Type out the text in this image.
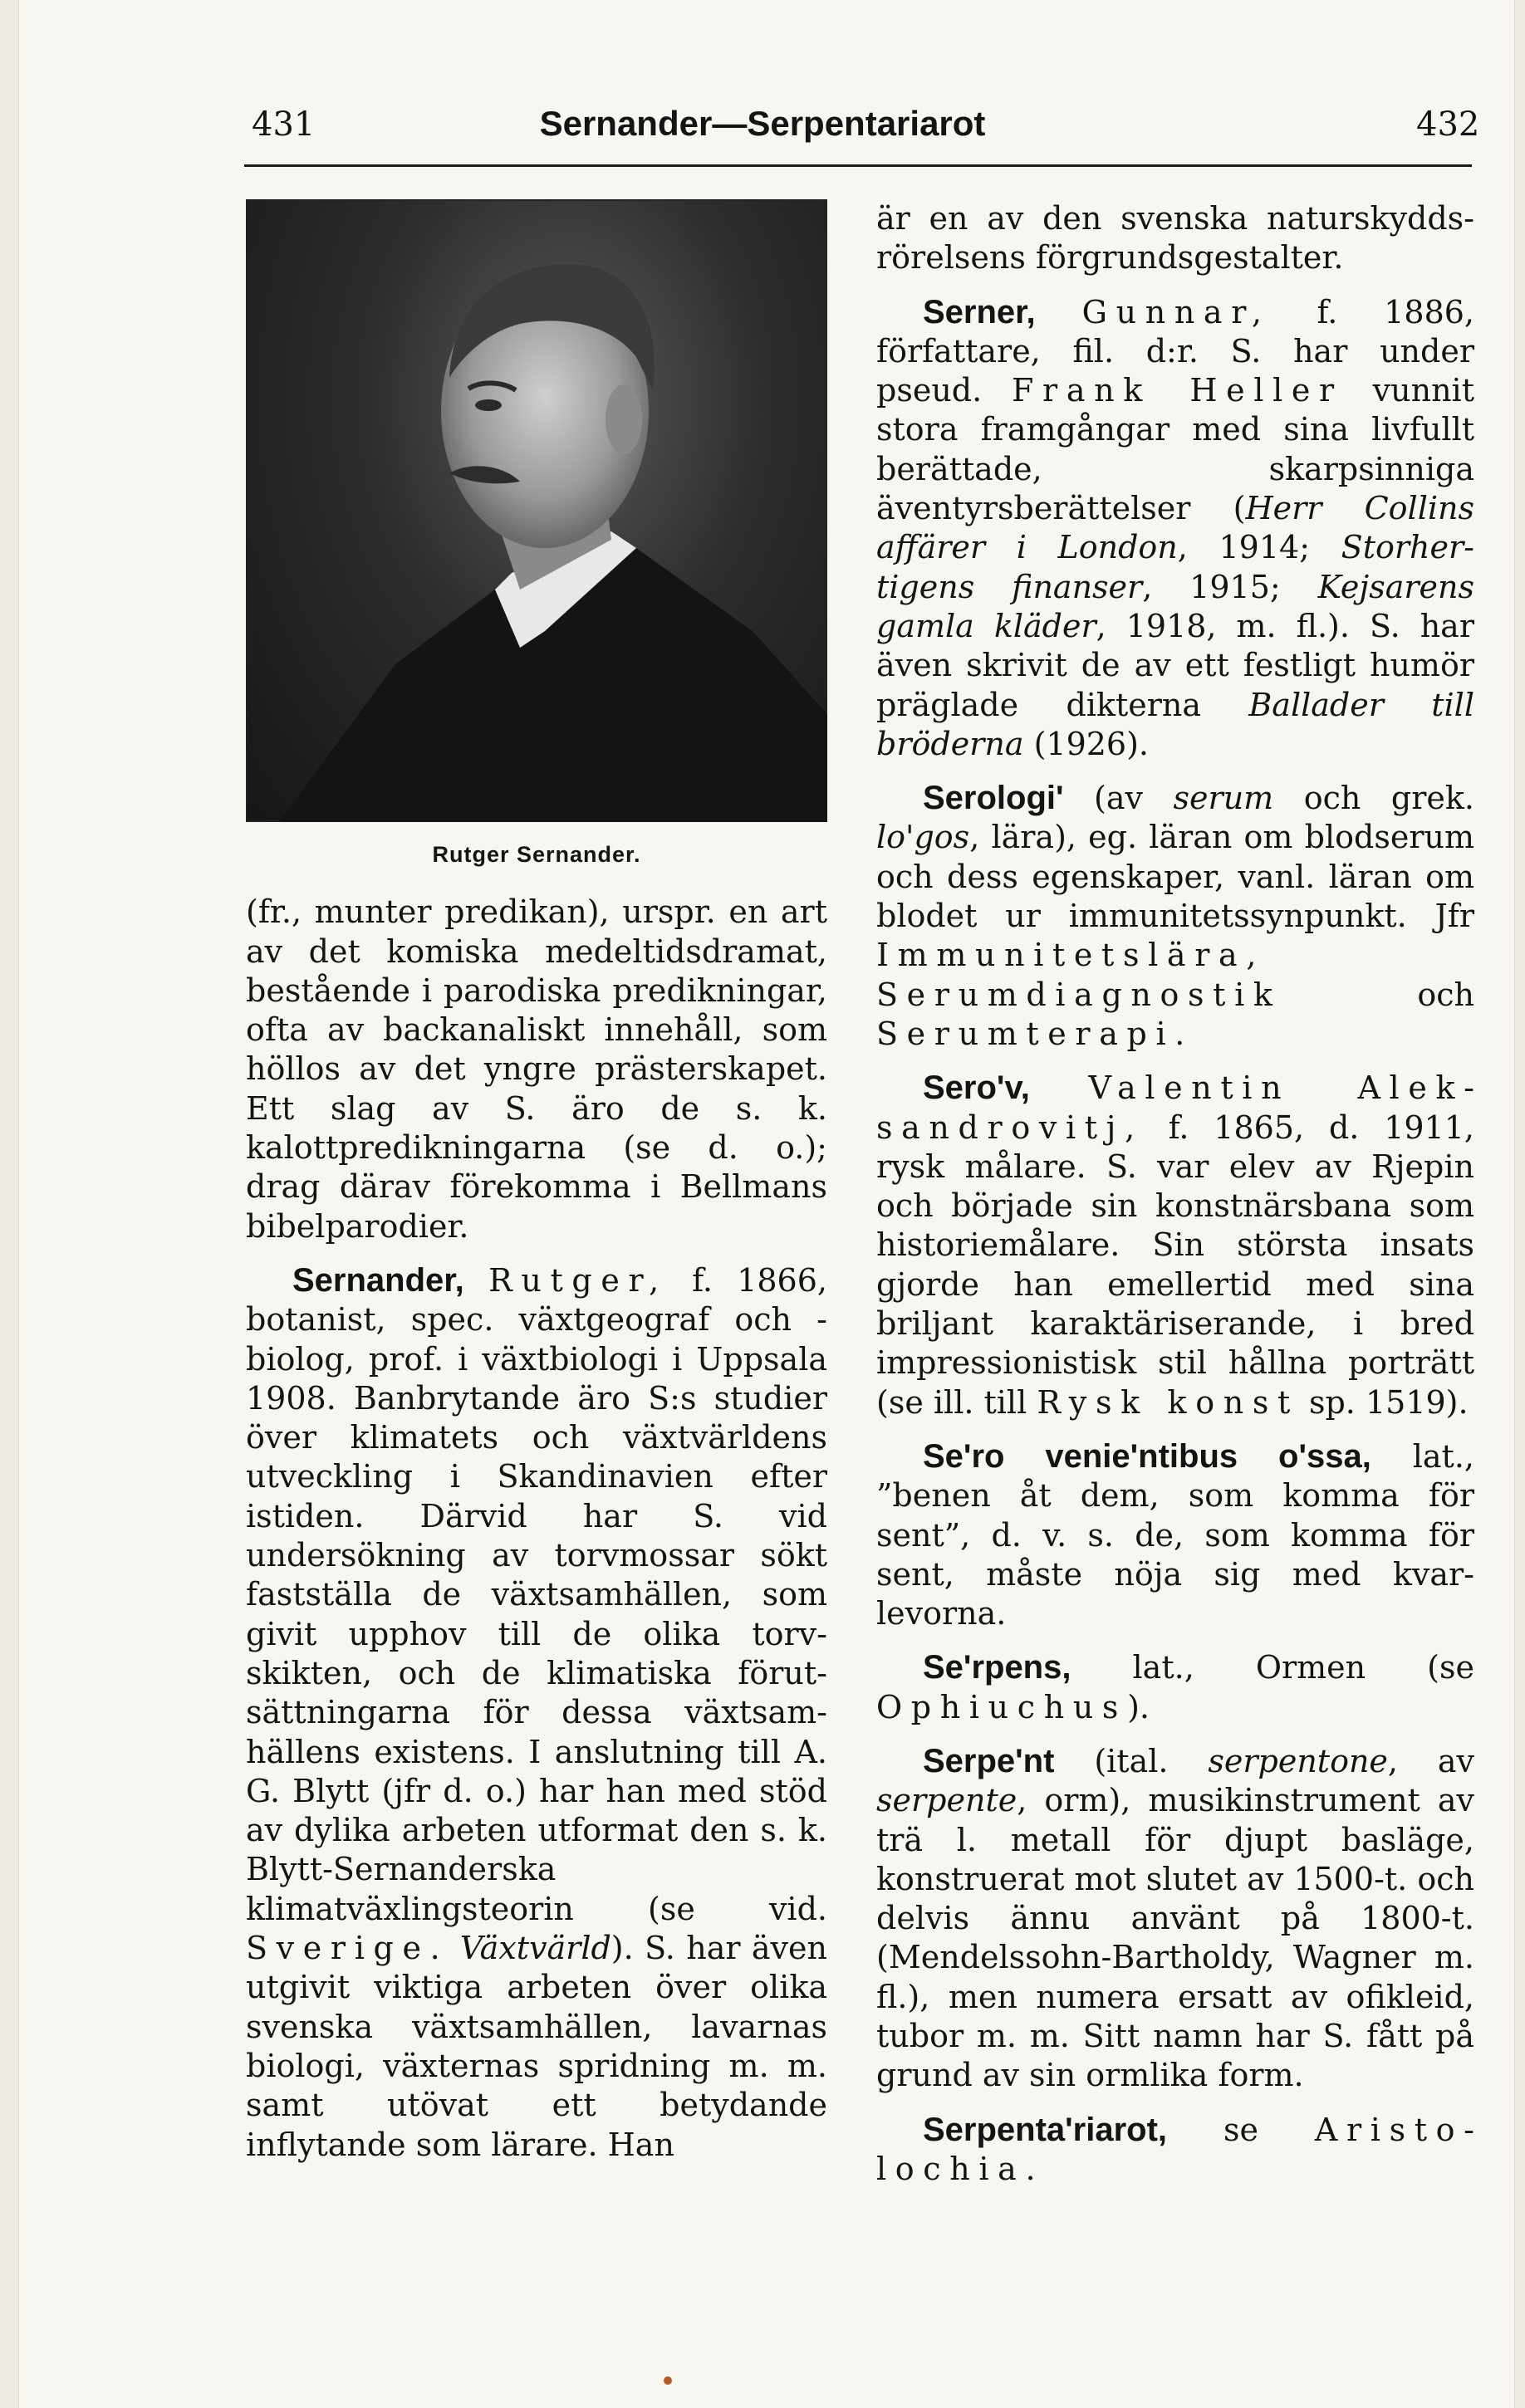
431	Sernander—Serpentariarot	432
Rutger Sernander.

(fr., munter predikan), urspr. en art av det komiska medeltidsdramat, bestående i parodiska predikningar, ofta av backanaliskt innehåll, som höllos av det yngre prästerskapet. Ett slag av S. äro de s. k. kalottpredikningarna (se d. o.); drag därav förekomma i Bellmans bibelparodier.

Sernander, Rutger, f. 1866, botanist, spec. växtgeograf och -biolog, prof. i växtbiologi i Uppsala 1908. Banbrytande äro S:s studier över klimatets och växtvärldens utveckling i Skandinavien efter istiden. Därvid har S. vid undersökning av torvmossar sökt fastställa de växtsamhällen, som givit upphov till de olika torvskikten, och de klimatiska förutsättningarna för dessa växtsamhällens existens. I anslutning till A. G. Blytt (jfr d. o.) har han med stöd av dylika arbeten utformat den s. k. Blytt-Sernanderska klimatväxlingsteorin (se vid. Sverige. Växtvärld). S. har även utgivit viktiga arbeten över olika svenska växtsamhällen, lavarnas biologi, växternas spridning m. m. samt utövat ett betydande inflytande som lärare. Han

är en av den svenska naturskyddsrörelsens förgrundsgestalter.

Serner, Gunnar, f. 1886, författare, fil. d:r. S. har under pseud. Frank Heller vunnit stora framgångar med sina livfullt berättade, skarpsinniga äventyrsberättelser (Herr Collins affärer i London, 1914; Storhertigens finanser, 1915; Kejsarens gamla kläder, 1918, m. fl.). S. har även skrivit de av ett festligt humör präglade dikterna Ballader till bröderna (1926).

Serologi' (av serum och grek. lo'gos, lära), eg. läran om blodserum och dess egenskaper, vanl. läran om blodet ur immunitetssynpunkt. Jfr Immunitetslära, Serumdiagnostik och Serumterapi.

Sero'v, Valentin Aleksandrovitj, f. 1865, d. 1911, rysk målare. S. var elev av Rjepin och började sin konstnärsbana som historiemålare. Sin största insats gjorde han emellertid med sina briljant karaktäriserande, i bred impressionistisk stil hållna porträtt (se ill. till Rysk konst sp. 1519).

Se'ro venie'ntibus o'ssa, lat., ”benen åt dem, som komma för sent”, d. v. s. de, som komma för sent, måste nöja sig med kvarlevorna.

Se'rpens, lat., Ormen (se Ophiuchus).

Serpe'nt (ital. serpentone, av serpente, orm), musikinstrument av trä l. metall för djupt basläge, konstruerat mot slutet av 1500-t. och delvis ännu använt på 1800-t. (Mendelssohn-Bartholdy, Wagner m. fl.), men numera ersatt av ofikleid, tubor m. m. Sitt namn har S. fått på grund av sin ormlika form.

Serpenta'riarot, se Aristolochia.
